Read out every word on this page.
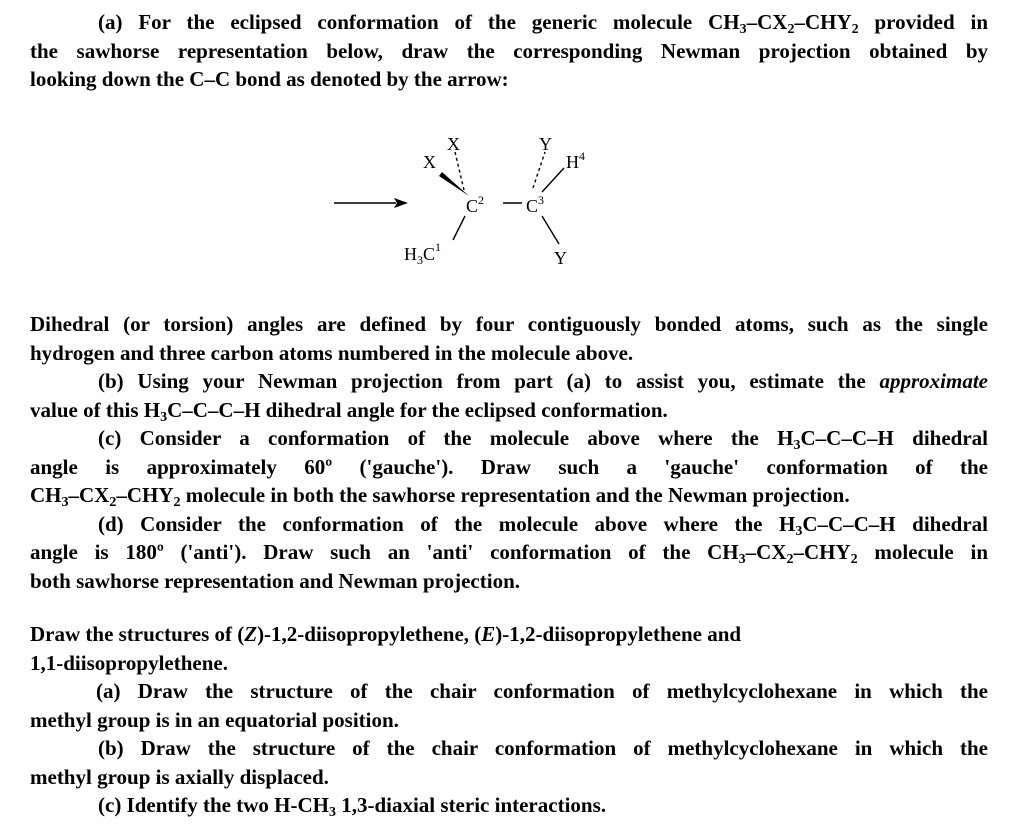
(a) For the eclipsed conformation of the generic molecule $CH_3-CX_2-CHY_2$ provided in
the sawhorse representation below, draw the corresponding Newman projection obtained by
looking down the C–C bond as denoted by the arrow:
X
X
Y
$H^4$
$C^2$ $C^3$
$H_3C^1$
Y
Dihedral (or torsion) angles are defined by four contiguously bonded atoms, such as the single
hydrogen and three carbon atoms numbered in the molecule above.
(b) Using your Newman projection from part (a) to assist you, estimate the approximate
value of this $H_3C-C-C-H$ dihedral angle for the eclipsed conformation.
(c) Consider a conformation of the molecule above where the $H_3C-C-C-H$ dihedral
angle is approximately 60º ('gauche'). Draw such a 'gauche' conformation of the
$CH_3-CX_2-CHY_2$ molecule in both the sawhorse representation and the Newman projection.
(d) Consider the conformation of the molecule above where the $H_3C-C-C-H$ dihedral
angle is 180º ('anti'). Draw such an 'anti' conformation of the $CH_3-CX_2-CHY_2$ molecule in
both sawhorse representation and Newman projection.
Draw the structures of (Z)-1,2-diisopropylethene, (E)-1,2-diisopropylethene and
1,1-diisopropylethene.
(a) Draw the structure of the chair conformation of methylcyclohexane in which the
methyl group is in an equatorial position.
(b) Draw the structure of the chair conformation of methylcyclohexane in which the
methyl group is axially displaced.
(c) Identify the two $H-CH_3$ 1,3-diaxial steric interactions.
